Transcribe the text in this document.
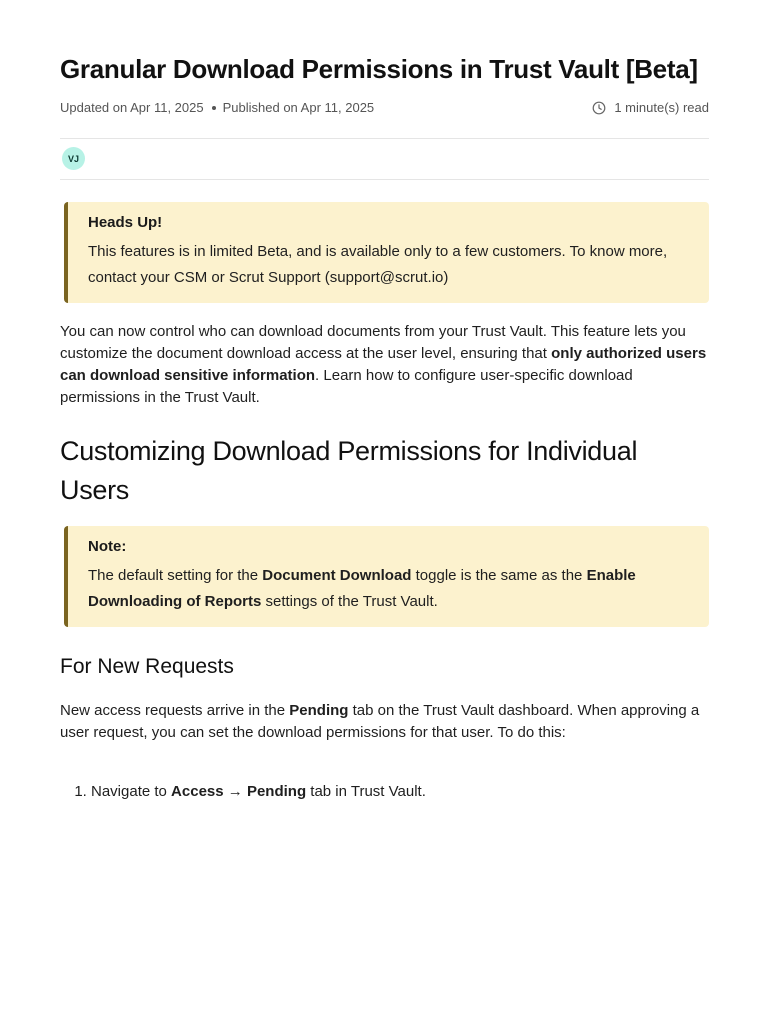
Granular Download Permissions in Trust Vault [Beta]
Updated on Apr 11, 2025 Published on Apr 11, 2025	1 minute(s) read
VJ
Heads Up!
This features is in limited Beta, and is available only to a few customers. To know more, contact your CSM or Scrut Support (support@scrut.io)

You can now control who can download documents from your Trust Vault. This feature lets you customize the document download access at the user level, ensuring that only authorized users can download sensitive information. Learn how to configure user-specific download permissions in the Trust Vault.

Customizing Download Permissions for Individual Users
Note:
The default setting for the Document Download toggle is the same as the Enable Downloading of Reports settings of the Trust Vault.
For New Requests

New access requests arrive in the Pending tab on the Trust Vault dashboard. When approving a user request, you can set the download permissions for that user. To do this:

1. Navigate to Access → Pending tab in Trust Vault.
